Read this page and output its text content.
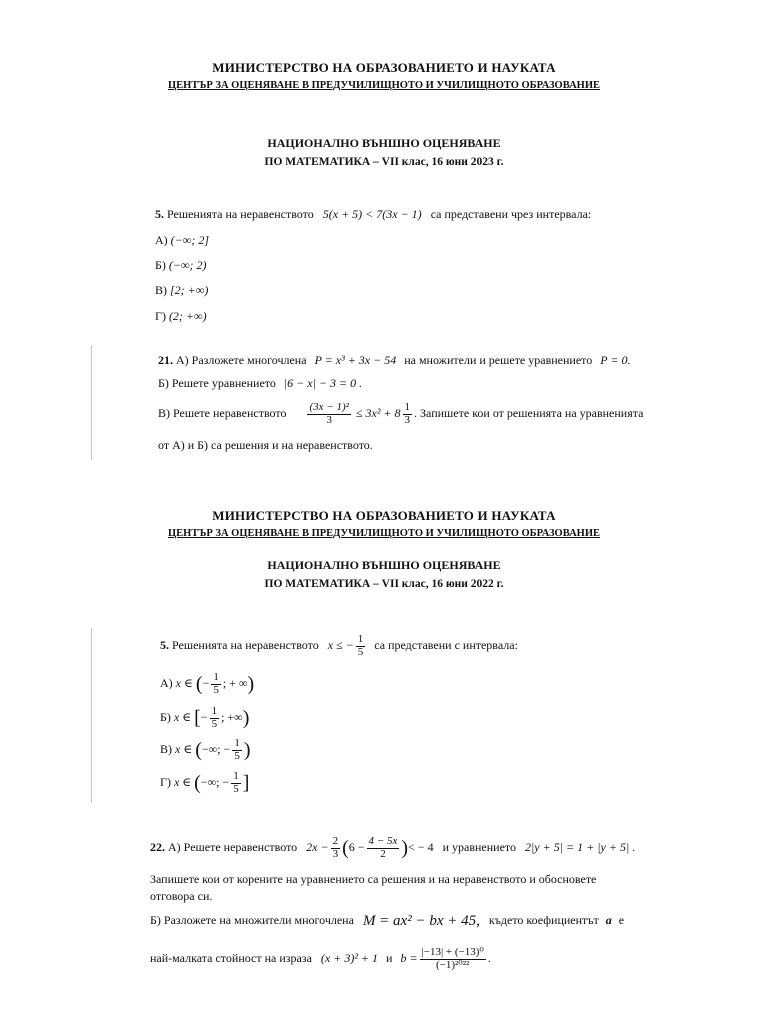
МИНИСТЕРСТВО НА ОБРАЗОВАНИЕТО И НАУКАТА
ЦЕНТЪР ЗА ОЦЕНЯВАНЕ В ПРЕДУЧИЛИЩНОТО И УЧИЛИЩНОТО ОБРАЗОВАНИЕ
НАЦИОНАЛНО ВЪНШНО ОЦЕНЯВАНЕ
ПО МАТЕМАТИКА – VII клас, 16 юни 2023 г.
5. Решенията на неравенството 5(x + 5) < 7(3x − 1) са представени чрез интервала:
А) (−∞; 2]
Б) (−∞; 2)
В) [2; +∞)
Г) (2; +∞)
21. А) Разложете многочлена P = x³ + 3x − 54 на множители и решете уравнението P = 0.
Б) Решете уравнението |6 − x| − 3 = 0 .
В) Решете неравенството $\frac{\text{(3x − 1)²}}{3} \le 3x^2 + 8 \frac{1}{3}$ . Запишете кои от решенията на уравненията
от А) и Б) са решения и на неравенството.
МИНИСТЕРСТВО НА ОБРАЗОВАНИЕТО И НАУКАТА
ЦЕНТЪР ЗА ОЦЕНЯВАНЕ В ПРЕДУЧИЛИЩНОТО И УЧИЛИЩНОТО ОБРАЗОВАНИЕ
НАЦИОНАЛНО ВЪНШНО ОЦЕНЯВАНЕ
ПО МАТЕМАТИКА – VII клас, 16 юни 2022 г.
5. Решенията на неравенството x ≤ − $\frac{1}{5}$ са представени с интервала:
А) x ∈ (− $\frac{1}{5}$ ; + ∞)
Б) x ∈ [− $\frac{1}{5}$ ; +∞)
В) x ∈ (−∞; − $\frac{1}{5}$ )
Г) x ∈ (−∞; − $\frac{1}{5}$ ]
22. А) Решете неравенството $2x - \frac{2}{3} (6 - \frac{4 - 5x}{2}$ )< − 4 и уравнението 2|y + 5| = 1 + |y + 5| .
Запишете кои от корените на уравнението са решения и на неравенството и обосновете
отговора си.
Б) Разложете на множители многочлена M = ax² − bx + 45, където коефициентът a е
най-малката стойност на израза (x + 3)² + 1 и $b = \frac{\text{|−13| + (−13)⁰}}{\text{(−1)²⁰²²}}$ .
